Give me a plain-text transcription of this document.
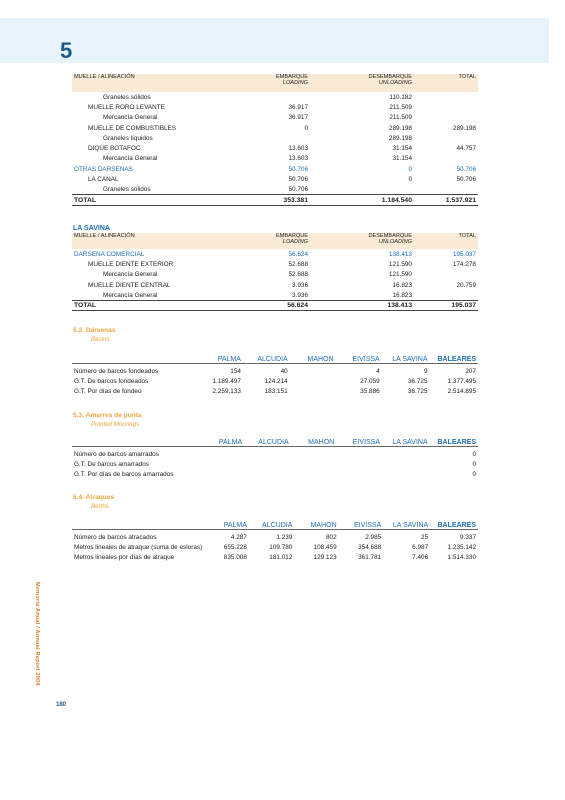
5
MUELLE / ALINEACIÓN	EMBARQUE	DESEMBARQUE	TOTAL
	LOADING	UNLOADING	

Graneles sólidos		110.182	
MUELLE RORO LEVANTE	36.917	211.509	
Mercancía General	36.917	211.509	
MUELLE DE COMBUSTIBLES	0	289.198	289.198
Graneles líquidos		289.198	
DIQUE BOTAFOC	13.603	31.154	44.757
Mercancía General	13.603	31.154	
OTRAS DARSENAS	50.706	0	50.706
LA CANAL	50.706	0	50.706
Graneles sólidos	50.706		
TOTAL	353.381	1.184.540	1.537.921
LA SAVINA
MUELLE / ALINEACIÓN	EMBARQUE	DESEMBARQUE	TOTAL
	LOADING	UNLOADING	

DARSENA COMERCIAL	56.624	138.413	195.037
MUELLE DIENTE EXTERIOR	52.688	121.590	174.278
Mercancía General	52.688	121.590	
MUELLE DIENTE CENTRAL	3.936	16.823	20.759
Mercancía General	3.936	16.823	
TOTAL	56.624	138.413	195.037
5.2. Dársenas
Basins
	PALMA	ALCUDIA	MAHON	EIVISSA	LA SAVINA	BALEARES

Número de barcos fondeados	154	40		4	9	207
G.T. De barcos fondeados	1.189.497	124.214		27.059	36.725	1.377.495
G.T. Por días de fondeo	2.259.133	183.151		35.886	36.725	2.514.895
5.3. Amarres de punta
Pointed Moorings
	PALMA	ALCUDIA	MAHON	EIVISSA	LA SAVINA	BALEARES

Número de barcos amarrados						0
G.T. De barcos amarrados						0
G.T. Por días de barcos amarrados						0
5.4. Atraques
Berths
	PALMA	ALCUDIA	MAHON	EIVISSA	LA SAVINA	BALEARES

Número de barcos atracados	4.287	1.239	802	2.985	25	9.337
Metros lineales de atraque (suma de esloras)	655.228	109.780	108.459	354.688	6.987	1.235.142
Metros lineales por días de atraque	835.008	181.012	129.123	361.781	7.406	1.514.330
Memoria Anual / Annual Report 2004
180
